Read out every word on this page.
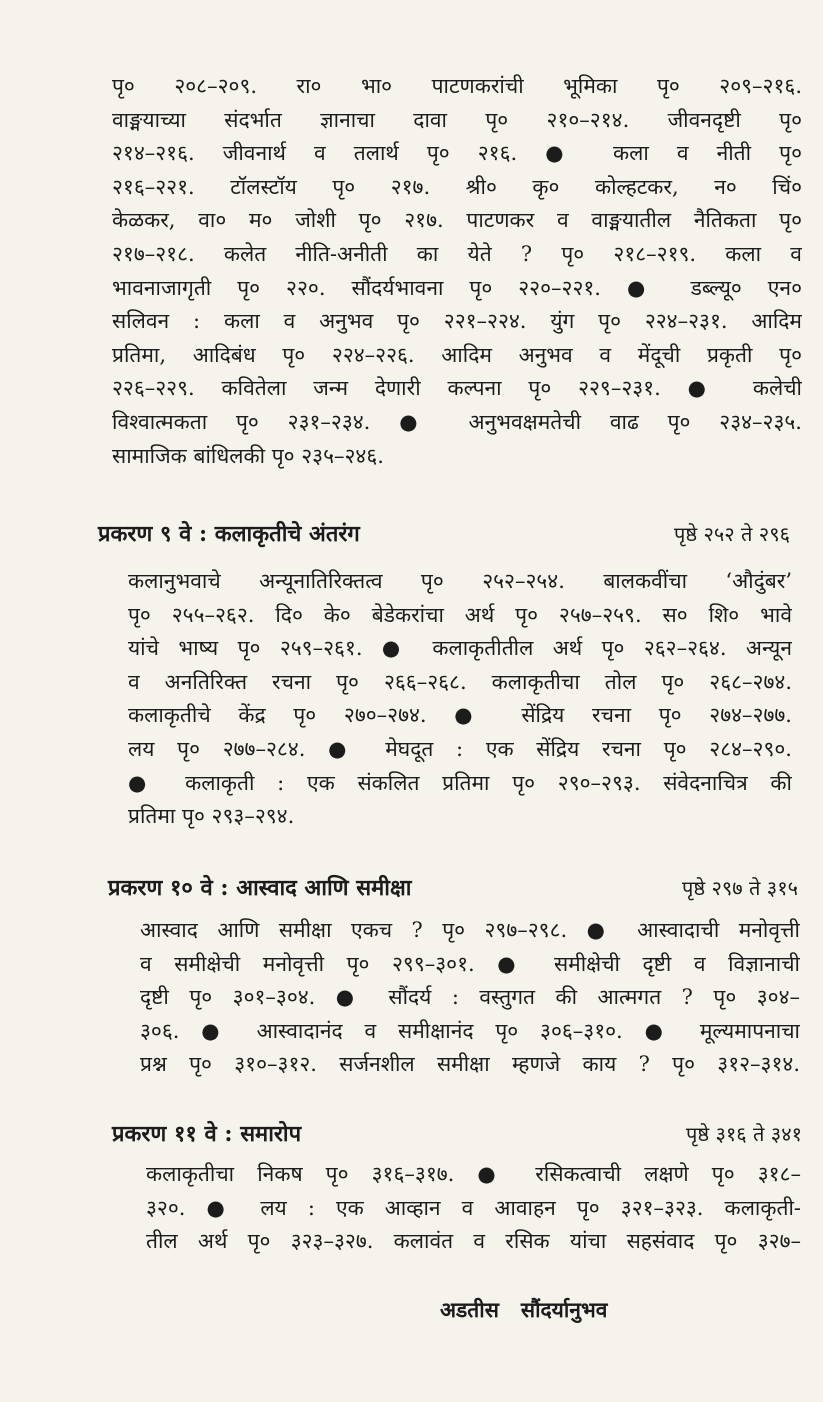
पृ० २०८–२०९. रा० भा० पाटणकरांची भूमिका पृ० २०९–२१६.
वाङ्मयाच्या संदर्भात ज्ञानाचा दावा पृ० २१०–२१४. जीवनदृष्टी पृ०
२१४–२१६. जीवनार्थ व तलार्थ पृ० २१६. ● कला व नीती पृ०
२१६–२२१. टॉलस्टॉय पृ० २१७. श्री० कृ० कोल्हटकर, न० चिं०
केळकर, वा० म० जोशी पृ० २१७. पाटणकर व वाङ्मयातील नैतिकता पृ०
२१७–२१८. कलेत नीति-अनीती का येते ? पृ० २१८–२१९. कला व
भावनाजागृती पृ० २२०. सौंदर्यभावना पृ० २२०–२२१. ● डब्ल्यू० एन०
सलिवन : कला व अनुभव पृ० २२१–२२४. युंग पृ० २२४–२३१. आदिम
प्रतिमा, आदिबंध पृ० २२४–२२६. आदिम अनुभव व मेंदूची प्रकृती पृ०
२२६–२२९. कवितेला जन्म देणारी कल्पना पृ० २२९–२३१. ● कलेची
विश्वात्मकता पृ० २३१–२३४. ● अनुभवक्षमतेची वाढ पृ० २३४–२३५.
सामाजिक बांधिलकी पृ० २३५–२४६.
प्रकरण ९ वे : कलाकृतीचे अंतरंग	पृष्ठे २५२ ते २९६
कलानुभवाचे अन्यूनातिरिक्तत्व पृ० २५२–२५४. बालकवींचा ‘औदुंबर’
पृ० २५५–२६२. दि० के० बेडेकरांचा अर्थ पृ० २५७–२५९. स० शि० भावे
यांचे भाष्य पृ० २५९–२६१. ● कलाकृतीतील अर्थ पृ० २६२–२६४. अन्यून
व अनतिरिक्त रचना पृ० २६६–२६८. कलाकृतीचा तोल पृ० २६८–२७४.
कलाकृतीचे केंद्र पृ० २७०–२७४. ● सेंद्रिय रचना पृ० २७४–२७७.
लय पृ० २७७–२८४. ● मेघदूत : एक सेंद्रिय रचना पृ० २८४–२९०.
● कलाकृती : एक संकलित प्रतिमा पृ० २९०–२९३. संवेदनाचित्र की
प्रतिमा पृ० २९३–२९४.
प्रकरण १० वे : आस्वाद आणि समीक्षा	पृष्ठे २९७ ते ३१५
आस्वाद आणि समीक्षा एकच ? पृ० २९७–२९८. ● आस्वादाची मनोवृत्ती
व समीक्षेची मनोवृत्ती पृ० २९९–३०१. ● समीक्षेची दृष्टी व विज्ञानाची
दृष्टी पृ० ३०१–३०४. ● सौंदर्य : वस्तुगत की आत्मगत ? पृ० ३०४–
३०६. ● आस्वादानंद व समीक्षानंद पृ० ३०६–३१०. ● मूल्यमापनाचा
प्रश्न पृ० ३१०–३१२. सर्जनशील समीक्षा म्हणजे काय ? पृ० ३१२–३१४.
प्रकरण ११ वे : समारोप	पृष्ठे ३१६ ते ३४१
कलाकृतीचा निकष पृ० ३१६–३१७. ● रसिकत्वाची लक्षणे पृ० ३१८–
३२०. ● लय : एक आव्हान व आवाहन पृ० ३२१–३२३. कलाकृती-
तील अर्थ पृ० ३२३–३२७. कलावंत व रसिक यांचा सहसंवाद पृ० ३२७–
अडतीस सौंदर्यानुभव
